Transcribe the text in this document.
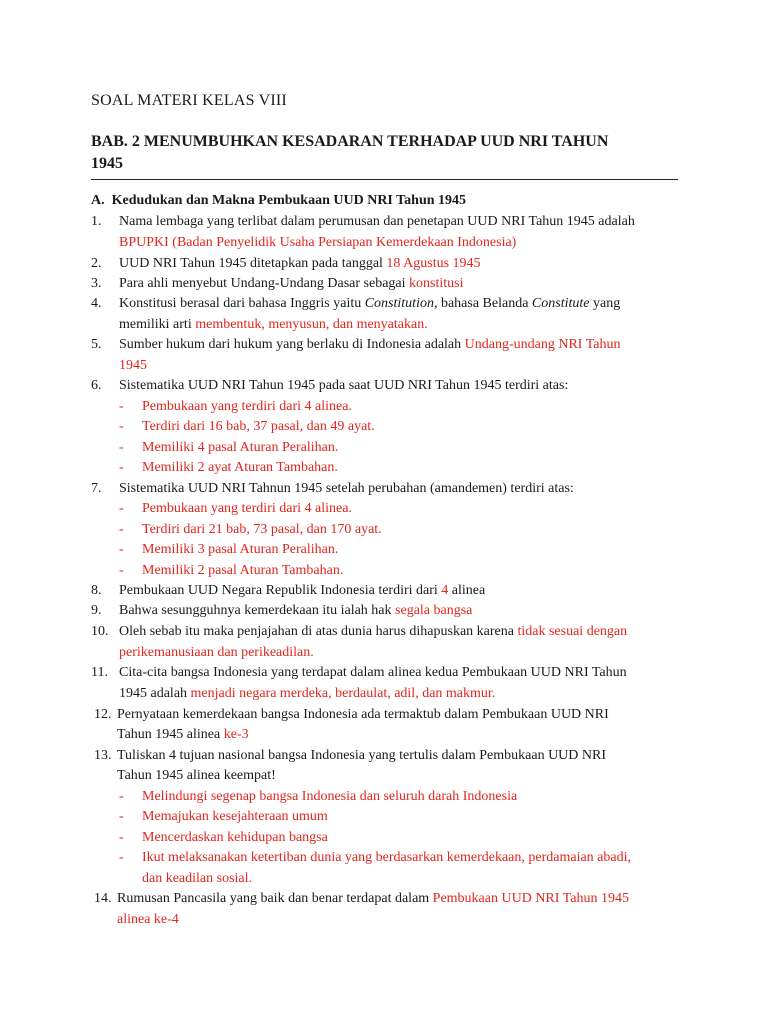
SOAL MATERI KELAS VIII
BAB. 2 MENUMBUHKAN KESADARAN TERHADAP UUD NRI TAHUN
1945
A. Kedudukan dan Makna Pembukaan UUD NRI Tahun 1945
1. Nama lembaga yang terlibat dalam perumusan dan penetapan UUD NRI Tahun 1945 adalah
BPUPKI (Badan Penyelidik Usaha Persiapan Kemerdekaan Indonesia)
2. UUD NRI Tahun 1945 ditetapkan pada tanggal 18 Agustus 1945
3. Para ahli menyebut Undang-Undang Dasar sebagai konstitusi
4. Konstitusi berasal dari bahasa Inggris yaitu Constitution, bahasa Belanda Constitute yang
memiliki arti membentuk, menyusun, dan menyatakan.
5. Sumber hukum dari hukum yang berlaku di Indonesia adalah Undang-undang NRI Tahun
1945
6. Sistematika UUD NRI Tahun 1945 pada saat UUD NRI Tahun 1945 terdiri atas:
- Pembukaan yang terdiri dari 4 alinea.
- Terdiri dari 16 bab, 37 pasal, dan 49 ayat.
- Memiliki 4 pasal Aturan Peralihan.
- Memiliki 2 ayat Aturan Tambahan.
7. Sistematika UUD NRI Tahnun 1945 setelah perubahan (amandemen) terdiri atas:
- Pembukaan yang terdiri dari 4 alinea.
- Terdiri dari 21 bab, 73 pasal, dan 170 ayat.
- Memiliki 3 pasal Aturan Peralihan.
- Memiliki 2 pasal Aturan Tambahan.
8. Pembukaan UUD Negara Republik Indonesia terdiri dari 4 alinea
9. Bahwa sesungguhnya kemerdekaan itu ialah hak segala bangsa
10. Oleh sebab itu maka penjajahan di atas dunia harus dihapuskan karena tidak sesuai dengan
perikemanusiaan dan perikeadilan.
11. Cita-cita bangsa Indonesia yang terdapat dalam alinea kedua Pembukaan UUD NRI Tahun
1945 adalah menjadi negara merdeka, berdaulat, adil, dan makmur.
12. Pernyataan kemerdekaan bangsa Indonesia ada termaktub dalam Pembukaan UUD NRI
Tahun 1945 alinea ke-3
13. Tuliskan 4 tujuan nasional bangsa Indonesia yang tertulis dalam Pembukaan UUD NRI
Tahun 1945 alinea keempat!
- Melindungi segenap bangsa Indonesia dan seluruh darah Indonesia
- Memajukan kesejahteraan umum
- Mencerdaskan kehidupan bangsa
- Ikut melaksanakan ketertiban dunia yang berdasarkan kemerdekaan, perdamaian abadi,
dan keadilan sosial.
14. Rumusan Pancasila yang baik dan benar terdapat dalam Pembukaan UUD NRI Tahun 1945
alinea ke-4
